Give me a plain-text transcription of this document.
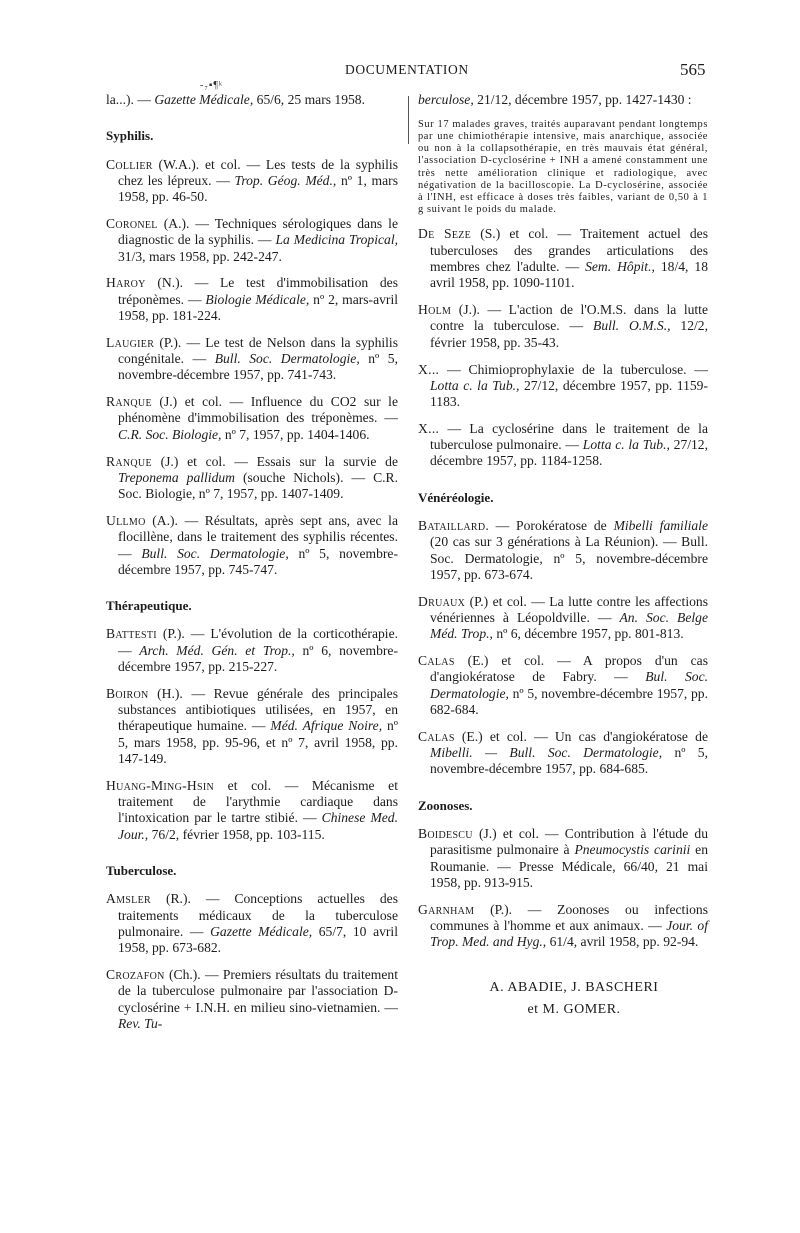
DOCUMENTATION	565
-₇▪¶ᵏ

la...). — Gazette Médicale, 65/6, 25 mars 1958.

Syphilis.

Collier (W.A.). et col. — Les tests de la syphilis chez les lépreux. — Trop. Géog. Méd., nº 1, mars 1958, pp. 46-50.

Coronel (A.). — Techniques sérologiques dans le diagnostic de la syphilis. — La Medicina Tropical, 31/3, mars 1958, pp. 242-247.

Haroy (N.). — Le test d'immobilisation des tréponèmes. — Biologie Médicale, nº 2, mars-avril 1958, pp. 181-224.

Laugier (P.). — Le test de Nelson dans la syphilis congénitale. — Bull. Soc. Dermatologie, nº 5, novembre-décembre 1957, pp. 741-743.

Ranque (J.) et col. — Influence du CO2 sur le phénomène d'immobilisation des tréponèmes. — C.R. Soc. Biologie, nº 7, 1957, pp. 1404-1406.

Ranque (J.) et col. — Essais sur la survie de Treponema pallidum (souche Nichols). — C.R. Soc. Biologie, nº 7, 1957, pp. 1407-1409.

Ullmo (A.). — Résultats, après sept ans, avec la flocillène, dans le traitement des syphilis récentes. — Bull. Soc. Dermatologie, nº 5, novembre-décembre 1957, pp. 745-747.

Thérapeutique.

Battesti (P.). — L'évolution de la corticothérapie. — Arch. Méd. Gén. et Trop., nº 6, novembre-décembre 1957, pp. 215-227.

Boiron (H.). — Revue générale des principales substances antibiotiques utilisées, en 1957, en thérapeutique humaine. — Méd. Afrique Noire, nº 5, mars 1958, pp. 95-96, et nº 7, avril 1958, pp. 147-149.

Huang-Ming-Hsin et col. — Mécanisme et traitement de l'arythmie cardiaque dans l'intoxication par le tartre stibié. — Chinese Med. Jour., 76/2, février 1958, pp. 103-115.

Tuberculose.

Amsler (R.). — Conceptions actuelles des traitements médicaux de la tuberculose pulmonaire. — Gazette Médicale, 65/7, 10 avril 1958, pp. 673-682.

Crozafon (Ch.). — Premiers résultats du traitement de la tuberculose pulmonaire par l'association D-cyclosérine + I.N.H. en milieu sino-vietnamien. — Rev. Tu-

berculose, 21/12, décembre 1957, pp. 1427-1430 :

Sur 17 malades graves, traités auparavant pendant longtemps par une chimiothérapie intensive, mais anarchique, associée ou non à la collapsothérapie, en très mauvais état général, l'association D-cyclosérine + INH a amené constamment une très nette amélioration clinique et radiologique, avec négativation de la bacilloscopie. La D-cyclosérine, associée à l'INH, est efficace à doses très faibles, variant de 0,50 à 1 g suivant le poids du malade.

De Seze (S.) et col. — Traitement actuel des tuberculoses des grandes articulations des membres chez l'adulte. — Sem. Hôpit., 18/4, 18 avril 1958, pp. 1090-1101.

Holm (J.). — L'action de l'O.M.S. dans la lutte contre la tuberculose. — Bull. O.M.S., 12/2, février 1958, pp. 35-43.

X... — Chimioprophylaxie de la tuberculose. — Lotta c. la Tub., 27/12, décembre 1957, pp. 1159-1183.

X... — La cyclosérine dans le traitement de la tuberculose pulmonaire. — Lotta c. la Tub., 27/12, décembre 1957, pp. 1184-1258.

Vénéréologie.

Bataillard. — Porokératose de Mibelli familiale (20 cas sur 3 générations à La Réunion). — Bull. Soc. Dermatologie, nº 5, novembre-décembre 1957, pp. 673-674.

Druaux (P.) et col. — La lutte contre les affections vénériennes à Léopoldville. — An. Soc. Belge Méd. Trop., nº 6, décembre 1957, pp. 801-813.

Calas (E.) et col. — A propos d'un cas d'angiokératose de Fabry. — Bul. Soc. Dermatologie, nº 5, novembre-décembre 1957, pp. 682-684.

Calas (E.) et col. — Un cas d'angiokératose de Mibelli. — Bull. Soc. Dermatologie, nº 5, novembre-décembre 1957, pp. 684-685.

Zoonoses.

Boidescu (J.) et col. — Contribution à l'étude du parasitisme pulmonaire à Pneumocystis carinii en Roumanie. — Presse Médicale, 66/40, 21 mai 1958, pp. 913-915.

Garnham (P.). — Zoonoses ou infections communes à l'homme et aux animaux. — Jour. of Trop. Med. and Hyg., 61/4, avril 1958, pp. 92-94.

A. ABADIE, J. BASCHERI
et M. GOMER.
